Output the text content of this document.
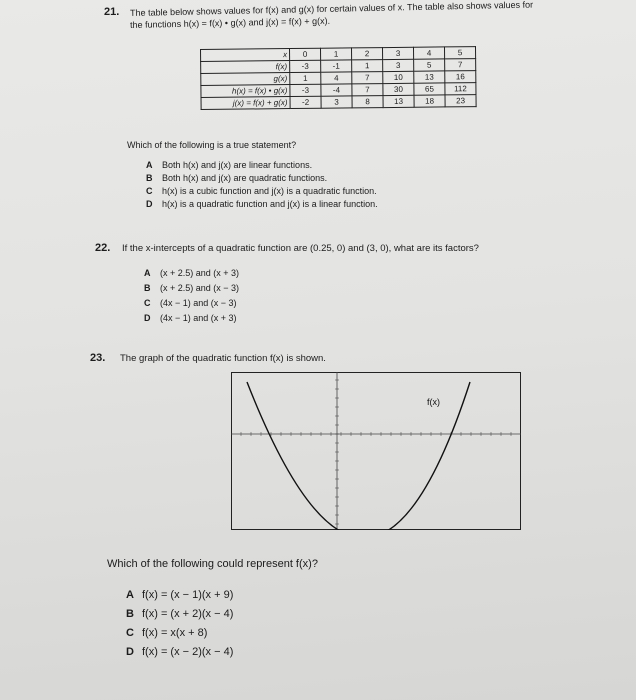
21. The table below shows values for f(x) and g(x) for certain values of x. The table also shows values for
the functions h(x) = f(x) • g(x) and j(x) = f(x) + g(x).
x	0	1	2	3	4	5
f(x)	-3	-1	1	3	5	7
g(x)	1	4	7	10	13	16
h(x) = f(x) • g(x)	-3	-4	7	30	65	112
j(x) = f(x) + g(x)	-2	3	8	13	18	23
Which of the following is a true statement?
A Both h(x) and j(x) are linear functions.
B Both h(x) and j(x) are quadratic functions.
C h(x) is a cubic function and j(x) is a quadratic function.
D h(x) is a quadratic function and j(x) is a linear function.
22. If the x-intercepts of a quadratic function are (0.25, 0) and (3, 0), what are its factors?
A (x + 2.5) and (x + 3)
B (x + 2.5) and (x − 3)
C (4x − 1) and (x − 3)
D (4x − 1) and (x + 3)
23. The graph of the quadratic function f(x) is shown.
f(x)
Which of the following could represent f(x)?
A f(x) = (x − 1)(x + 9)
B f(x) = (x + 2)(x − 4)
C f(x) = x(x + 8)
D f(x) = (x − 2)(x − 4)
